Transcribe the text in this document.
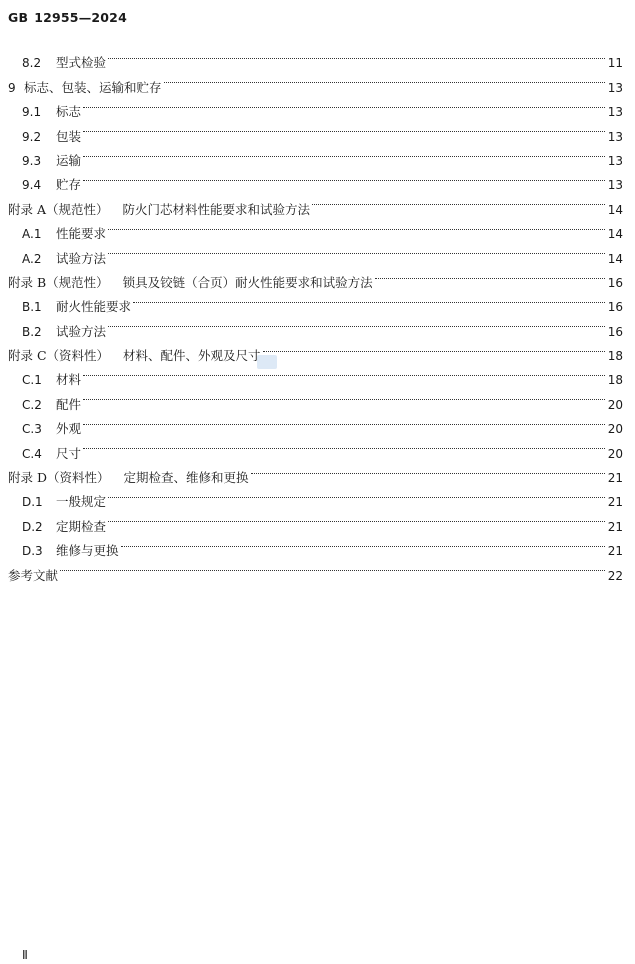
GB 12955—2024
8.2	型式检验	11
9 标志、包装、运输和贮存	13
9.1	标志	13
9.2	包装	13
9.3	运输	13
9.4	贮存	13
附录 A（规范性） 防火门芯材料性能要求和试验方法	14
A.1	性能要求	14
A.2	试验方法	14
附录 B（规范性） 锁具及铰链（合页）耐火性能要求和试验方法	16
B.1	耐火性能要求	16
B.2	试验方法	16
附录 C（资料性） 材料、配件、外观及尺寸	18
C.1	材料	18
C.2	配件	20
C.3	外观	20
C.4	尺寸	20
附录 D（资料性） 定期检查、维修和更换	21
D.1	一般规定	21
D.2	定期检查	21
D.3	维修与更换	21
参考文献	22
Ⅱ
